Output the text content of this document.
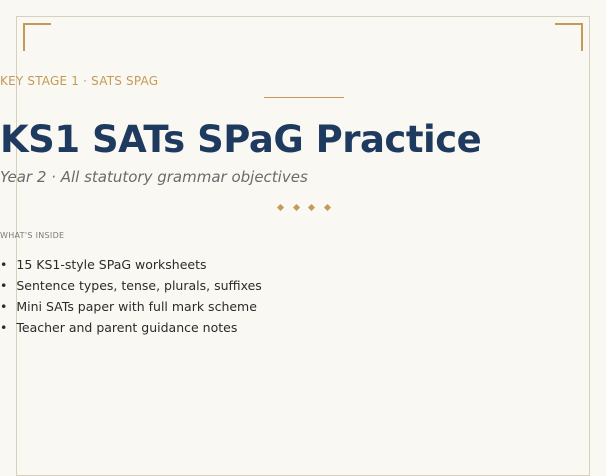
KEY STAGE 1 · SATS SPAG
KS1 SATs SPaG Practice
Year 2 · All statutory grammar objectives
WHAT'S INSIDE
• 15 KS1-style SPaG worksheets
• Sentence types, tense, plurals, suffixes
• Mini SATs paper with full mark scheme
• Teacher and parent guidance notes
